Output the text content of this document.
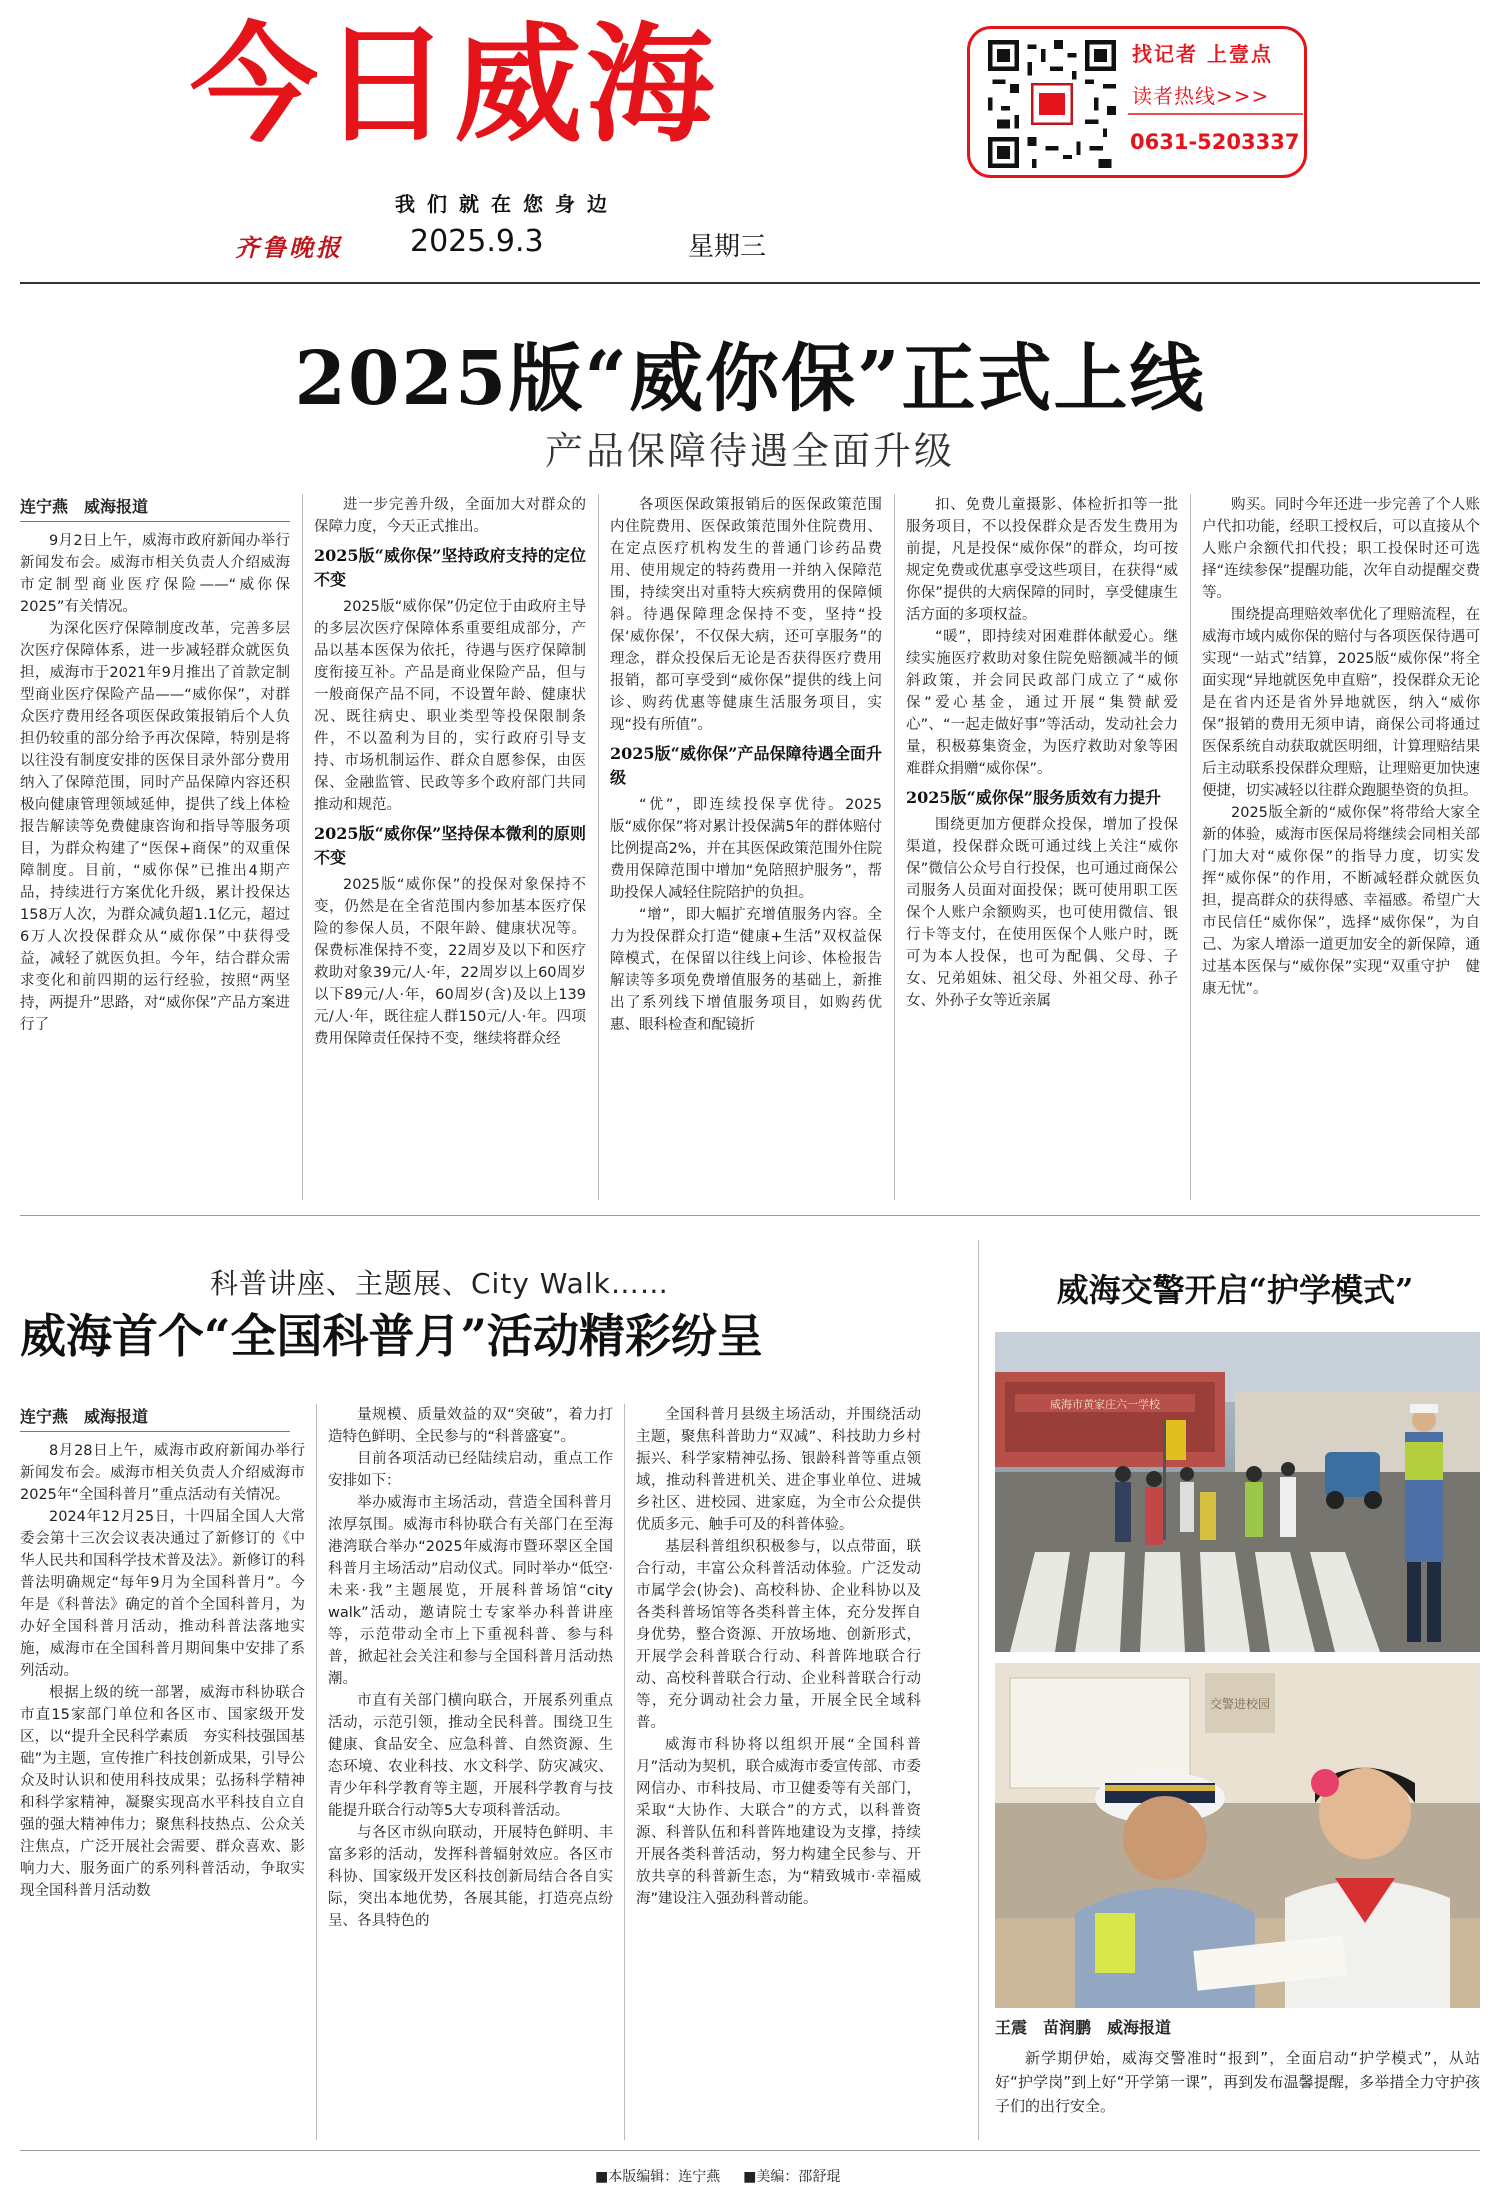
今日威海
我们就在您身边
齐鲁晚报 2025.9.3	星期三
找记者 上壹点
读者热线>>>
0631-5203337
2025版“威你保”正式上线
产品保障待遇全面升级
连宁燕　威海报道

9月2日上午，威海市政府新闻办举行新闻发布会。威海市相关负责人介绍威海市定制型商业医疗保险——“威你保2025”有关情况。

为深化医疗保障制度改革，完善多层次医疗保障体系，进一步减轻群众就医负担，威海市于2021年9月推出了首款定制型商业医疗保险产品——“威你保”，对群众医疗费用经各项医保政策报销后个人负担仍较重的部分给予再次保障，特别是将以往没有制度安排的医保目录外部分费用纳入了保障范围，同时产品保障内容还积极向健康管理领域延伸，提供了线上体检报告解读等免费健康咨询和指导等服务项目，为群众构建了“医保+商保”的双重保障制度。目前，“威你保”已推出4期产品，持续进行方案优化升级，累计投保达158万人次，为群众减负超1.1亿元，超过6万人次投保群众从“威你保”中获得受益，减轻了就医负担。今年，结合群众需求变化和前四期的运行经验，按照“两坚持，两提升”思路，对“威你保”产品方案进行了

进一步完善升级，全面加大对群众的保障力度，今天正式推出。

2025版“威你保”坚持政府支持的定位不变

2025版“威你保”仍定位于由政府主导的多层次医疗保障体系重要组成部分，产品以基本医保为依托，待遇与医疗保障制度衔接互补。产品是商业保险产品，但与一般商保产品不同，不设置年龄、健康状况、既往病史、职业类型等投保限制条件，不以盈利为目的，实行政府引导支持、市场机制运作、群众自愿参保，由医保、金融监管、民政等多个政府部门共同推动和规范。

2025版“威你保”坚持保本微利的原则不变

2025版“威你保”的投保对象保持不变，仍然是在全省范围内参加基本医疗保险的参保人员，不限年龄、健康状况等。保费标准保持不变，22周岁及以下和医疗救助对象39元/人·年，22周岁以上60周岁以下89元/人·年，60周岁(含)及以上139元/人·年，既往症人群150元/人·年。四项费用保障责任保持不变，继续将群众经

各项医保政策报销后的医保政策范围内住院费用、医保政策范围外住院费用、在定点医疗机构发生的普通门诊药品费用、使用规定的特药费用一并纳入保障范围，持续突出对重特大疾病费用的保障倾斜。待遇保障理念保持不变，坚持“投保‘威你保’，不仅保大病，还可享服务”的理念，群众投保后无论是否获得医疗费用报销，都可享受到“威你保”提供的线上问诊、购药优惠等健康生活服务项目，实现“投有所值”。

2025版“威你保”产品保障待遇全面升级

“优”，即连续投保享优待。2025版“威你保”将对累计投保满5年的群体赔付比例提高2%，并在其医保政策范围外住院费用保障范围中增加“免陪照护服务”，帮助投保人减轻住院陪护的负担。

“增”，即大幅扩充增值服务内容。全力为投保群众打造“健康+生活”双权益保障模式，在保留以往线上问诊、体检报告解读等多项免费增值服务的基础上，新推出了系列线下增值服务项目，如购药优惠、眼科检查和配镜折

扣、免费儿童摄影、体检折扣等一批服务项目，不以投保群众是否发生费用为前提，凡是投保“威你保”的群众，均可按规定免费或优惠享受这些项目，在获得“威你保”提供的大病保障的同时，享受健康生活方面的多项权益。

“暖”，即持续对困难群体献爱心。继续实施医疗救助对象住院免赔额减半的倾斜政策，并会同民政部门成立了“威你保”爱心基金，通过开展“集赞献爱心”、“一起走做好事”等活动，发动社会力量，积极募集资金，为医疗救助对象等困难群众捐赠“威你保”。

2025版“威你保”服务质效有力提升

围绕更加方便群众投保，增加了投保渠道，投保群众既可通过线上关注“威你保”微信公众号自行投保，也可通过商保公司服务人员面对面投保；既可使用职工医保个人账户余额购买，也可使用微信、银行卡等支付，在使用医保个人账户时，既可为本人投保，也可为配偶、父母、子女、兄弟姐妹、祖父母、外祖父母、孙子女、外孙子女等近亲属

购买。同时今年还进一步完善了个人账户代扣功能，经职工授权后，可以直接从个人账户余额代扣代投；职工投保时还可选择“连续参保”提醒功能，次年自动提醒交费等。

围绕提高理赔效率优化了理赔流程，在威海市域内威你保的赔付与各项医保待遇可实现“一站式”结算，2025版“威你保”将全面实现“异地就医免申直赔”，投保群众无论是在省内还是省外异地就医，纳入“威你保”报销的费用无须申请，商保公司将通过医保系统自动获取就医明细，计算理赔结果后主动联系投保群众理赔，让理赔更加快速便捷，切实减轻以往群众跑腿垫资的负担。

2025版全新的“威你保”将带给大家全新的体验，威海市医保局将继续会同相关部门加大对“威你保”的指导力度，切实发挥“威你保”的作用，不断减轻群众就医负担，提高群众的获得感、幸福感。希望广大市民信任“威你保”，选择“威你保”，为自己、为家人增添一道更加安全的新保障，通过基本医保与“威你保”实现“双重守护　健康无忧”。

科普讲座、主题展、City Walk……
威海首个“全国科普月”活动精彩纷呈
连宁燕　威海报道

8月28日上午，威海市政府新闻办举行新闻发布会。威海市相关负责人介绍威海市2025年“全国科普月”重点活动有关情况。

2024年12月25日，十四届全国人大常委会第十三次会议表决通过了新修订的《中华人民共和国科学技术普及法》。新修订的科普法明确规定“每年9月为全国科普月”。今年是《科普法》确定的首个全国科普月，为办好全国科普月活动，推动科普法落地实施，威海市在全国科普月期间集中安排了系列活动。

根据上级的统一部署，威海市科协联合市直15家部门单位和各区市、国家级开发区，以“提升全民科学素质　夯实科技强国基础”为主题，宣传推广科技创新成果，引导公众及时认识和使用科技成果；弘扬科学精神和科学家精神，凝聚实现高水平科技自立自强的强大精神伟力；聚焦科技热点、公众关注焦点，广泛开展社会需要、群众喜欢、影响力大、服务面广的系列科普活动，争取实现全国科普月活动数

量规模、质量效益的双“突破”，着力打造特色鲜明、全民参与的“科普盛宴”。

目前各项活动已经陆续启动，重点工作安排如下：

举办威海市主场活动，营造全国科普月浓厚氛围。威海市科协联合有关部门在至海港湾联合举办“2025年威海市暨环翠区全国科普月主场活动”启动仪式。同时举办“低空·未来·我”主题展览，开展科普场馆“city walk”活动，邀请院士专家举办科普讲座等，示范带动全市上下重视科普、参与科普，掀起社会关注和参与全国科普月活动热潮。

市直有关部门横向联合，开展系列重点活动，示范引领，推动全民科普。围绕卫生健康、食品安全、应急科普、自然资源、生态环境、农业科技、水文科学、防灾减灾、青少年科学教育等主题，开展科学教育与技能提升联合行动等5大专项科普活动。

与各区市纵向联动，开展特色鲜明、丰富多彩的活动，发挥科普辐射效应。各区市科协、国家级开发区科技创新局结合各自实际，突出本地优势，各展其能，打造亮点纷呈、各具特色的

全国科普月县级主场活动，并围绕活动主题，聚焦科普助力“双减”、科技助力乡村振兴、科学家精神弘扬、银龄科普等重点领域，推动科普进机关、进企事业单位、进城乡社区、进校园、进家庭，为全市公众提供优质多元、触手可及的科普体验。

基层科普组织积极参与，以点带面，联合行动，丰富公众科普活动体验。广泛发动市属学会(协会)、高校科协、企业科协以及各类科普场馆等各类科普主体，充分发挥自身优势，整合资源、开放场地、创新形式，开展学会科普联合行动、科普阵地联合行动、高校科普联合行动、企业科普联合行动等，充分调动社会力量，开展全民全域科普。

威海市科协将以组织开展“全国科普月”活动为契机，联合威海市委宣传部、市委网信办、市科技局、市卫健委等有关部门，采取“大协作、大联合”的方式，以科普资源、科普队伍和科普阵地建设为支撑，持续开展各类科普活动，努力构建全民参与、开放共享的科普新生态，为“精致城市·幸福威海”建设注入强劲科普动能。

威海交警开启“护学模式”
威海市黄家庄六一学校
交警进校园
王震　苗润鹏　威海报道
新学期伊始，威海交警准时“报到”，全面启动“护学模式”，从站好“护学岗”到上好“开学第一课”，再到发布温馨提醒，多举措全力守护孩子们的出行安全。
■本版编辑：连宁燕 ■美编：邵舒琨
